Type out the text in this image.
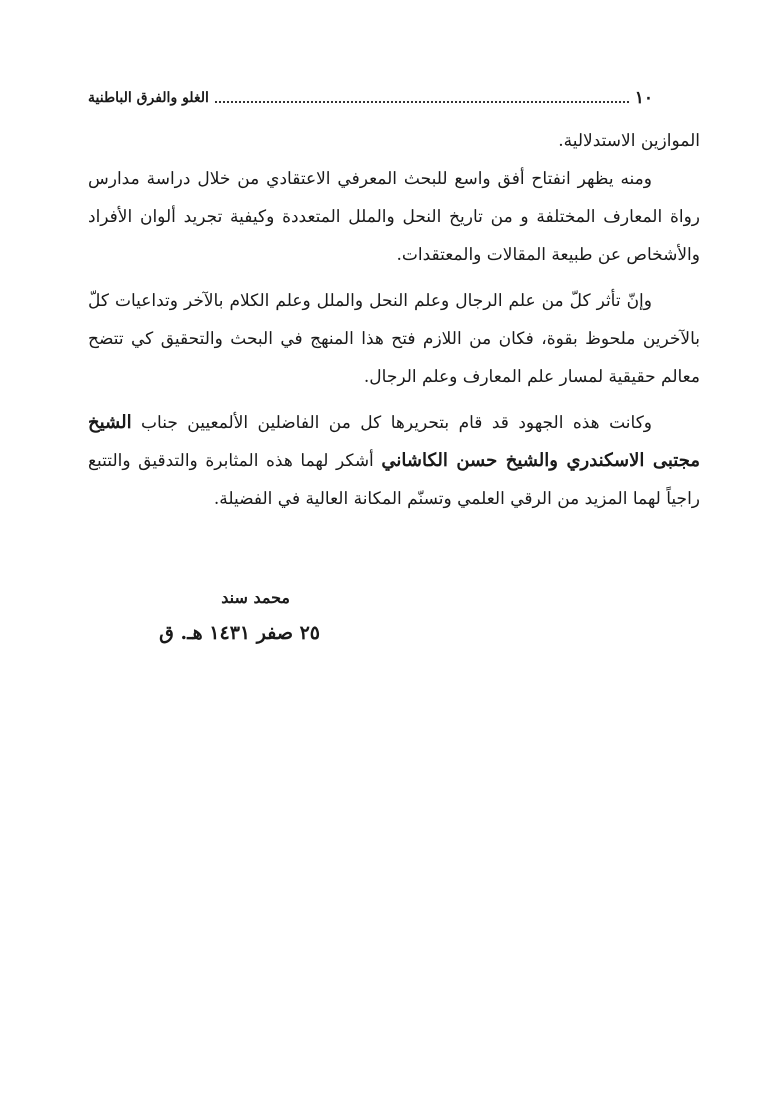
١٠
الغلو والفرق الباطنية

الموازين الاستدلالية.

ومنه يظهر انفتاح أفق واسع للبحث المعرفي الاعتقادي من خلال دراسة مدارس رواة المعارف المختلفة و من تاريخ النحل والملل المتعددة وكيفية تجريد ألوان الأفراد والأشخاص عن طبيعة المقالات والمعتقدات.

وإنّ تأثر كلّ من علم الرجال وعلم النحل والملل وعلم الكلام بالآخر وتداعيات كلّ بالآخرين ملحوظ بقوة، فكان من اللازم فتح هذا المنهج في البحث والتحقيق كي تتضح معالم حقيقية لمسار علم المعارف وعلم الرجال.

وكانت هذه الجهود قد قام بتحريرها كل من الفاضلين الألمعيين جناب الشيخ مجتبى الاسكندري والشيخ حسن الكاشاني أشكر لهما هذه المثابرة والتدقيق والتتبع راجياً لهما المزيد من الرقي العلمي وتسنّم المكانة العالية في الفضيلة.

محمد سند
٢٥ صفر ١٤٣١ هـ. ق
